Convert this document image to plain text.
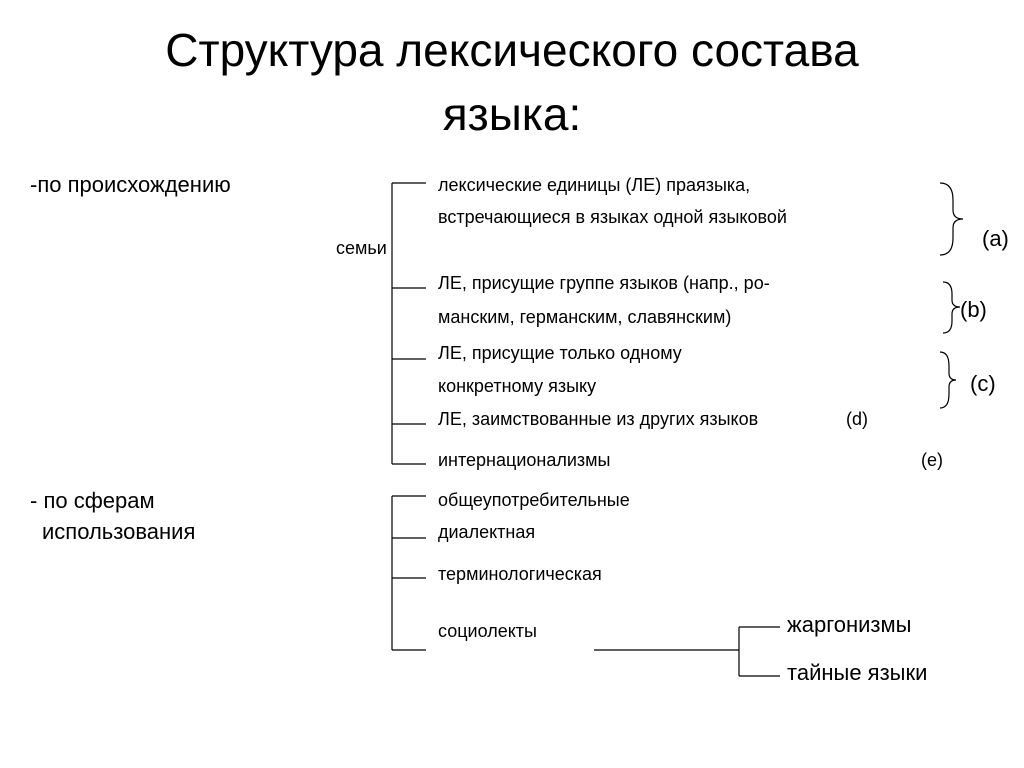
Структура лексического состава
языка:
-по происхождению	лексические единицы (ЛЕ) праязыка,
встречающиеся в языках одной языковой
семьи	(a)
ЛЕ, присущие группе языков (напр., ро-
манским, германским, славянским)	(b)
ЛЕ, присущие только одному
конкретному языку	(c)
ЛЕ, заимствованные из других языков	(d)
интернационализмы	(e)
- по сферам
использования
общеупотребительные
диалектная
терминологическая
социолекты	жаргонизмы
тайные языки
